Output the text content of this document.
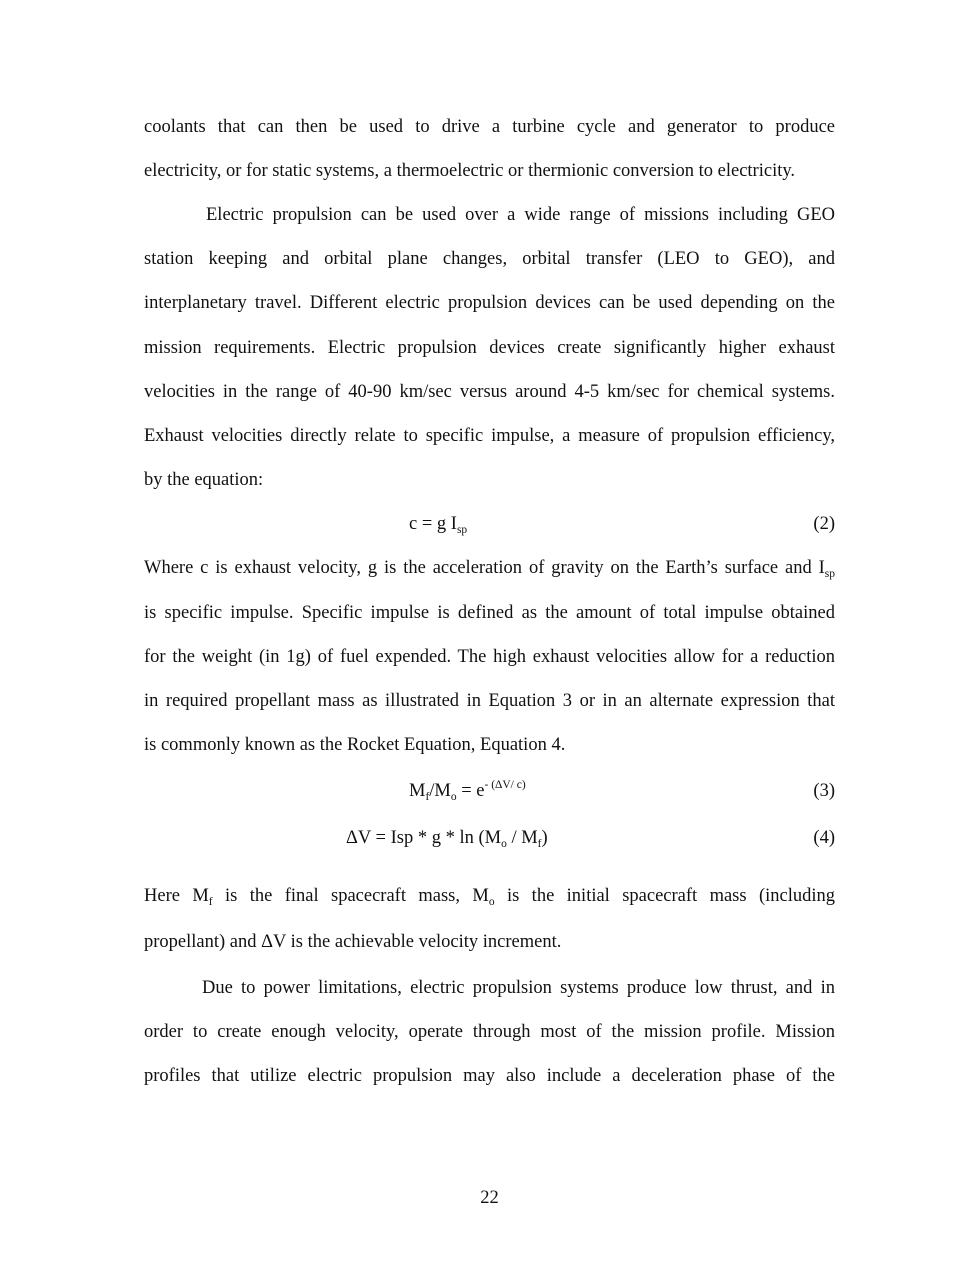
coolants that can then be used to drive a turbine cycle and generator to produce
electricity, or for static systems, a thermoelectric or thermionic conversion to electricity.
Electric propulsion can be used over a wide range of missions including GEO
station keeping and orbital plane changes, orbital transfer (LEO to GEO), and
interplanetary travel. Different electric propulsion devices can be used depending on the
mission requirements. Electric propulsion devices create significantly higher exhaust
velocities in the range of 40-90 km/sec versus around 4-5 km/sec for chemical systems.
Exhaust velocities directly relate to specific impulse, a measure of propulsion efficiency,
by the equation:
c = g $I_{sp}$	(2)
Where c is exhaust velocity, g is the acceleration of gravity on the Earth’s surface and $I_{sp}$
is specific impulse. Specific impulse is defined as the amount of total impulse obtained
for the weight (in 1g) of fuel expended. The high exhaust velocities allow for a reduction
in required propellant mass as illustrated in Equation 3 or in an alternate expression that
is commonly known as the Rocket Equation, Equation 4.
$M_f/M_o = e^{- (\Delta V/ c)}$	(3)
ΔV = Isp * g * $\ln (M_o / M_f)$	(4)
Here $M_f$ is the final spacecraft mass, $M_o$ is the initial spacecraft mass (including
propellant) and ΔV is the achievable velocity increment.
Due to power limitations, electric propulsion systems produce low thrust, and in
order to create enough velocity, operate through most of the mission profile. Mission
profiles that utilize electric propulsion may also include a deceleration phase of the
22
